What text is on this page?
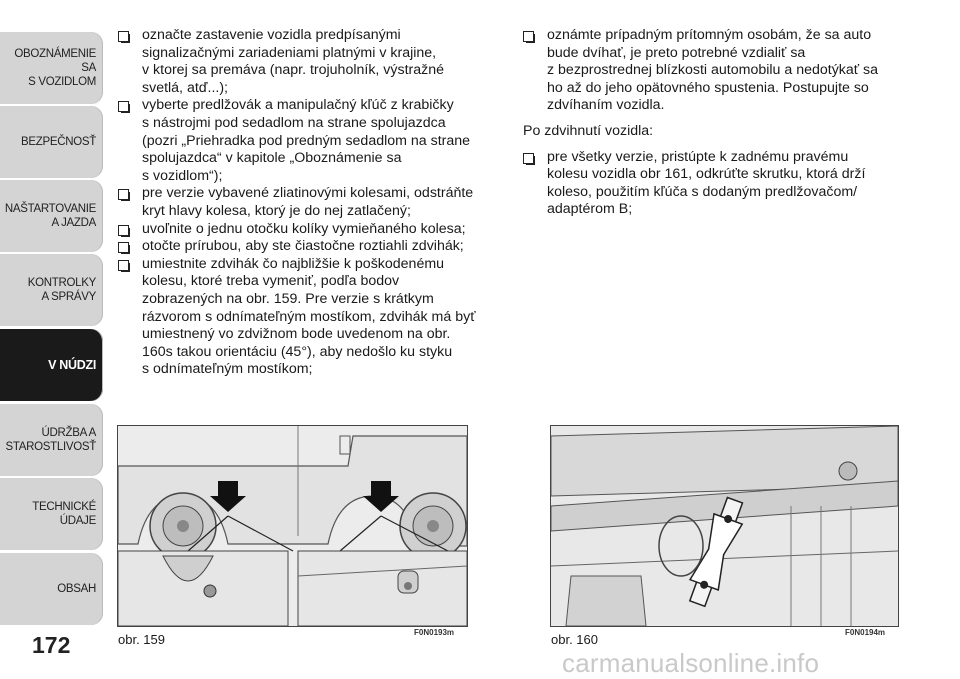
OBOZNÁMENIE SA
S VOZIDLOM
BEZPEČNOSŤ
NAŠTARTOVANIE
A JAZDA
KONTROLKY
A SPRÁVY
V NÚDZI
ÚDRŽBA A
STAROSTLIVOSŤ
TECHNICKÉ
ÚDAJE
OBSAH
172
označte zastavenie vozidla predpísanými
signalizačnými zariadeniami platnými v krajine,
v ktorej sa premáva (napr. trojuholník, výstražné
svetlá, atď...);
vyberte predlžovák a manipulačný kľúč z krabičky
s nástrojmi pod sedadlom na strane spolujazdca
(pozri „Priehradka pod predným sedadlom na strane
spolujazdca“ v kapitole „Oboznámenie sa
s vozidlom“);
pre verzie vybavené zliatinovými kolesami, odstráňte
kryt hlavy kolesa, ktorý je do nej zatlačený;
uvoľnite o jednu otočku kolíky vymieňaného kolesa;
otočte prírubou, aby ste čiastočne roztiahli zdvihák;
umiestnite zdvihák čo najbližšie k poškodenému
kolesu, ktoré treba vymeniť, podľa bodov
zobrazených na obr. 159. Pre verzie s krátkym
rázvorom s odnímateľným mostíkom, zdvihák má byť
umiestnený vo zdvižnom bode uvedenom na obr.
160s takou orientáciu (45°), aby nedošlo ku styku
s odnímateľným mostíkom;
oznámte prípadným prítomným osobám, že sa auto
bude dvíhať, je preto potrebné vzdialiť sa
z bezprostrednej blízkosti automobilu a nedotýkať sa
ho až do jeho opätovného spustenia. Postupujte so
zdvíhaním vozidla.
Po zdvihnutí vozidla:
pre všetky verzie, pristúpte k zadnému pravému
kolesu vozidla obr 161, odkrúťte skrutku, ktorá drží
koleso, použitím kľúča s dodaným predlžovačom/
adaptérom B;
obr. 159	F0N0193m	obr. 160	F0N0194m
carmanualsonline.info
